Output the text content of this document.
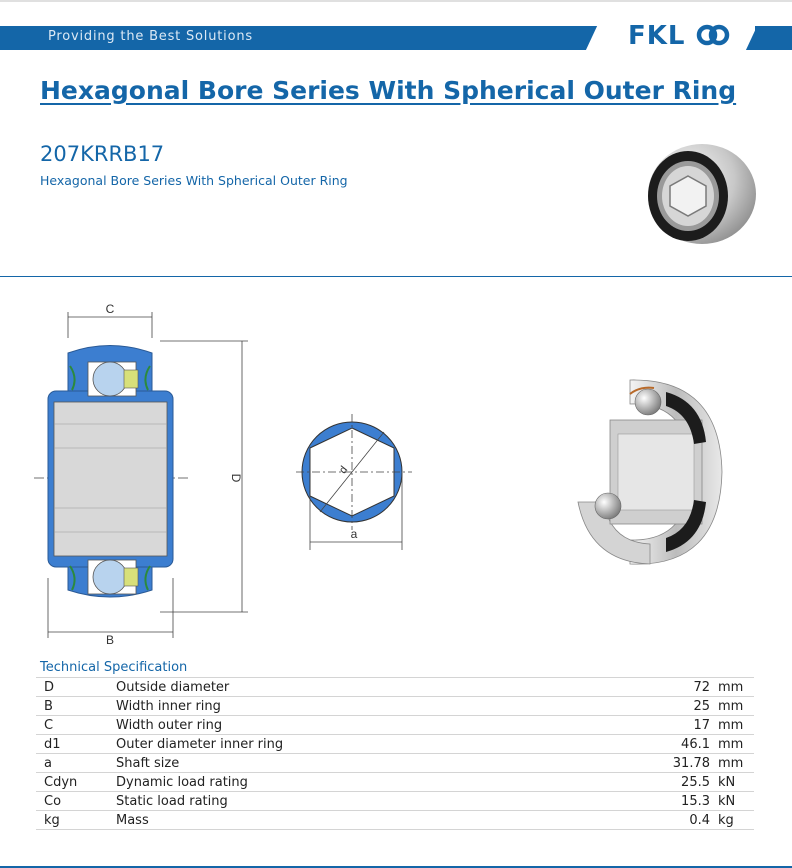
Providing the Best Solutions	FKL
Hexagonal Bore Series With Spherical Outer Ring
207KRRB17
Hexagonal Bore Series With Spherical Outer Ring
C
B
D
a
d
Technical Specification
D	Outside diameter	72	mm
B	Width inner ring	25	mm
C	Width outer ring	17	mm
d1	Outer diameter inner ring	46.1	mm
a	Shaft size	31.78	mm
Cdyn	Dynamic load rating	25.5	kN
Co	Static load rating	15.3	kN
kg	Mass	0.4	kg
